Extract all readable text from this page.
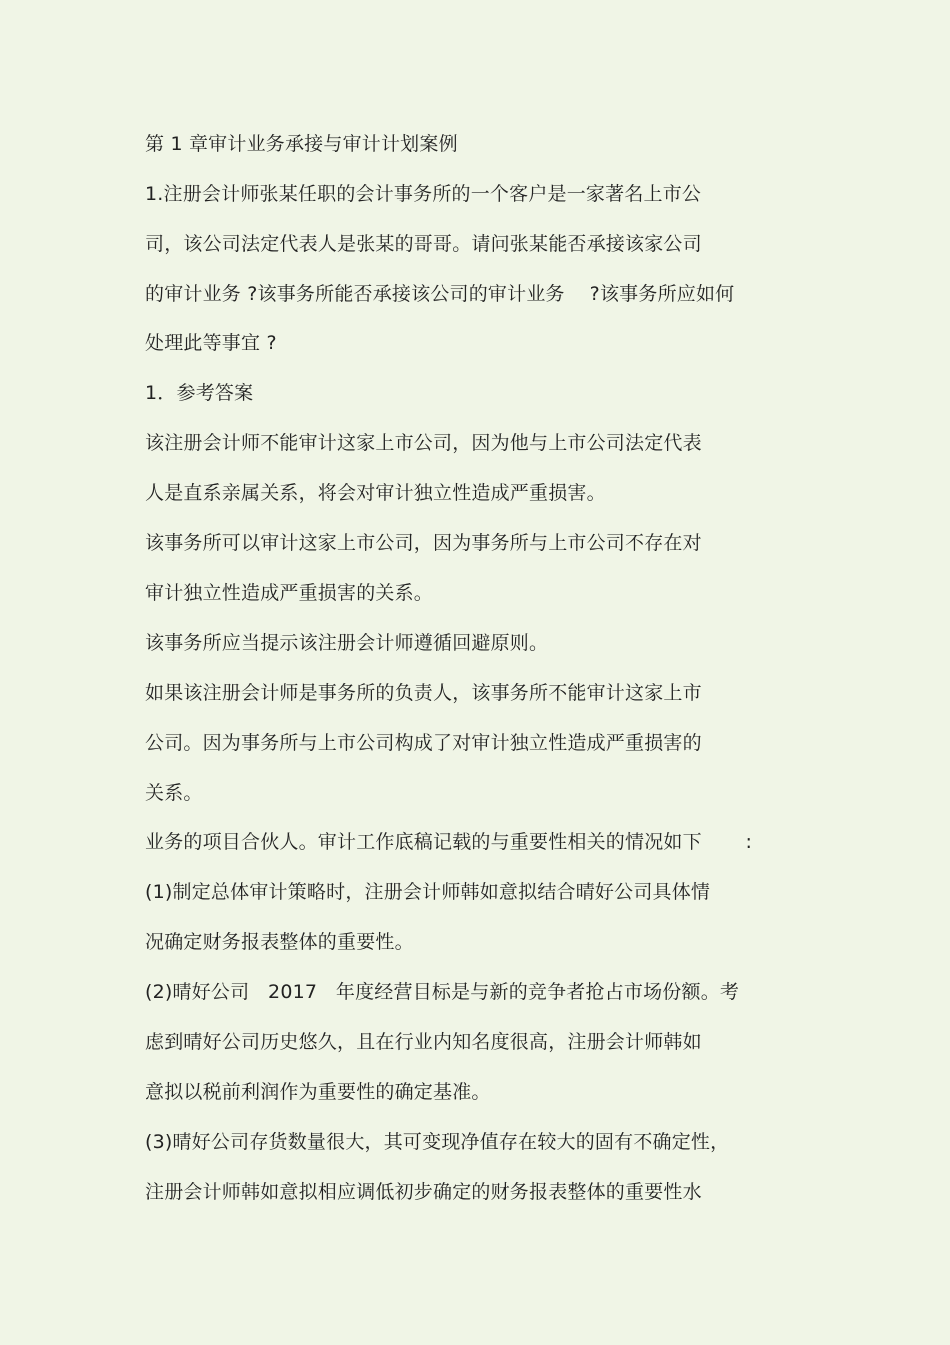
第 1 章审计业务承接与审计计划案例
1.注册会计师张某任职的会计事务所的一个客户是一家著名上市公
司，该公司法定代表人是张某的哥哥。请问张某能否承接该家公司
的审计业务 ?该事务所能否承接该公司的审计业务    ?该事务所应如何
处理此等事宜 ?
1．参考答案
该注册会计师不能审计这家上市公司，因为他与上市公司法定代表
人是直系亲属关系，将会对审计独立性造成严重损害。
该事务所可以审计这家上市公司，因为事务所与上市公司不存在对
审计独立性造成严重损害的关系。
该事务所应当提示该注册会计师遵循回避原则。
如果该注册会计师是事务所的负责人，该事务所不能审计这家上市
公司。因为事务所与上市公司构成了对审计独立性造成严重损害的
关系。
业务的项目合伙人。审计工作底稿记载的与重要性相关的情况如下       :
(1)制定总体审计策略时，注册会计师韩如意拟结合晴好公司具体情
况确定财务报表整体的重要性。
(2)晴好公司   2017   年度经营目标是与新的竞争者抢占市场份额。考
虑到晴好公司历史悠久，且在行业内知名度很高，注册会计师韩如
意拟以税前利润作为重要性的确定基准。
(3)晴好公司存货数量很大，其可变现净值存在较大的固有不确定性，
注册会计师韩如意拟相应调低初步确定的财务报表整体的重要性水
